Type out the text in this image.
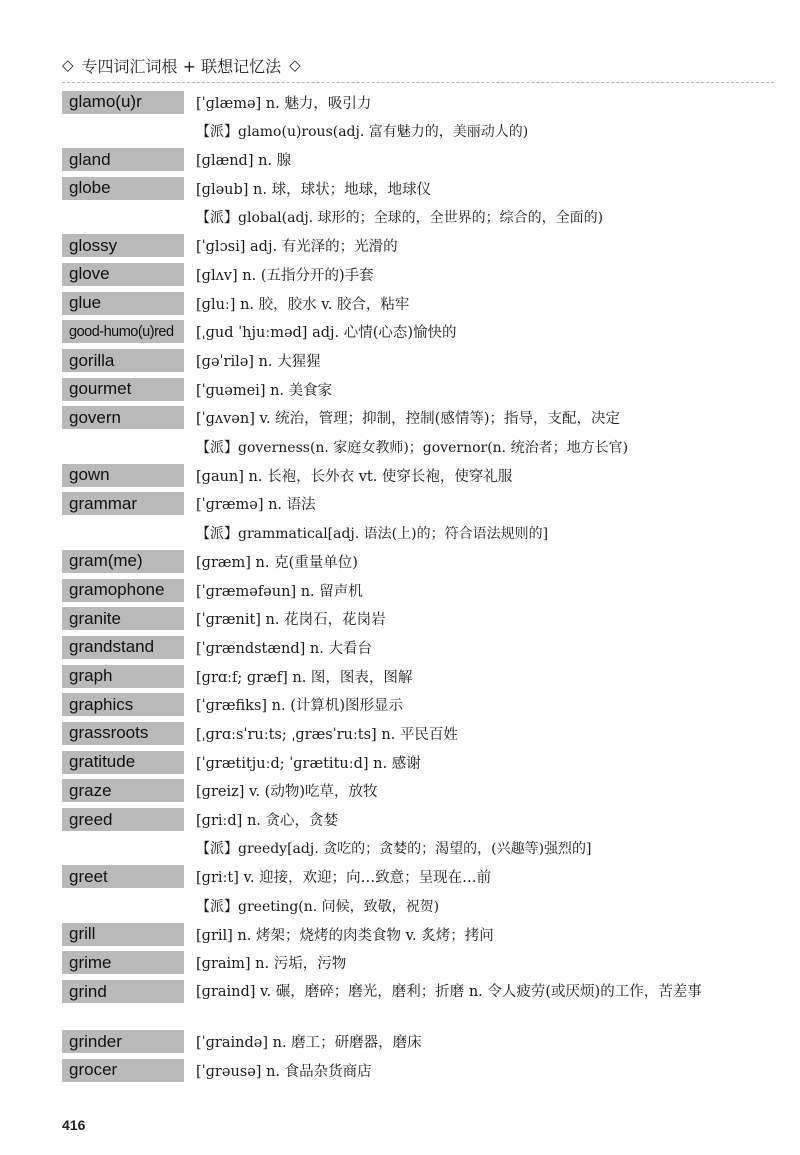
◇ 专四词汇词根 + 联想记忆法 ◇
glamo(u)r	[ˈɡlæmə] n. 魅力，吸引力
【派】glamo(u)rous(adj. 富有魅力的，美丽动人的)
gland	[ɡlænd] n. 腺
globe	[ɡləub] n. 球，球状；地球，地球仪
【派】global(adj. 球形的；全球的，全世界的；综合的，全面的)
glossy	[ˈɡlɔsi] adj. 有光泽的；光滑的
glove	[ɡlʌv] n. (五指分开的)手套
glue	[ɡluː] n. 胶，胶水 v. 胶合，粘牢
good-humo(u)red	[ˌɡud ˈhjuːməd] adj. 心情(心态)愉快的
gorilla	[ɡəˈrilə] n. 大猩猩
gourmet	[ˈɡuəmei] n. 美食家
govern	[ˈɡʌvən] v. 统治，管理；抑制，控制(感情等)；指导，支配，决定
【派】governess(n. 家庭女教师)；governor(n. 统治者；地方长官)
gown	[ɡaun] n. 长袍，长外衣 vt. 使穿长袍，使穿礼服
grammar	[ˈɡræmə] n. 语法
【派】grammatical[adj. 语法(上)的；符合语法规则的]
gram(me)	[ɡræm] n. 克(重量单位)
gramophone	[ˈɡræməfəun] n. 留声机
granite	[ˈɡrænit] n. 花岗石，花岗岩
grandstand	[ˈɡrændstænd] n. 大看台
graph	[ɡrɑːf; ɡræf] n. 图，图表，图解
graphics	[ˈɡræfiks] n. (计算机)图形显示
grassroots	[ˌɡrɑːsˈruːts; ˌɡræsˈruːts] n. 平民百姓
gratitude	[ˈɡrætitjuːd; ˈɡrætituːd] n. 感谢
graze	[ɡreiz] v. (动物)吃草，放牧
greed	[ɡriːd] n. 贪心，贪婪
【派】greedy[adj. 贪吃的；贪婪的；渴望的，(兴趣等)强烈的]
greet	[ɡriːt] v. 迎接，欢迎；向…致意；呈现在…前
【派】greeting(n. 问候，致敬，祝贺)
grill	[ɡril] n. 烤架；烧烤的肉类食物 v. 炙烤；拷问
grime	[ɡraim] n. 污垢，污物
grind	[ɡraind] v. 碾，磨碎；磨光，磨利；折磨 n. 令人疲劳(或厌烦)的工作，苦差事
grinder	[ˈɡraində] n. 磨工；研磨器，磨床
grocer	[ˈɡrəusə] n. 食品杂货商店
416
